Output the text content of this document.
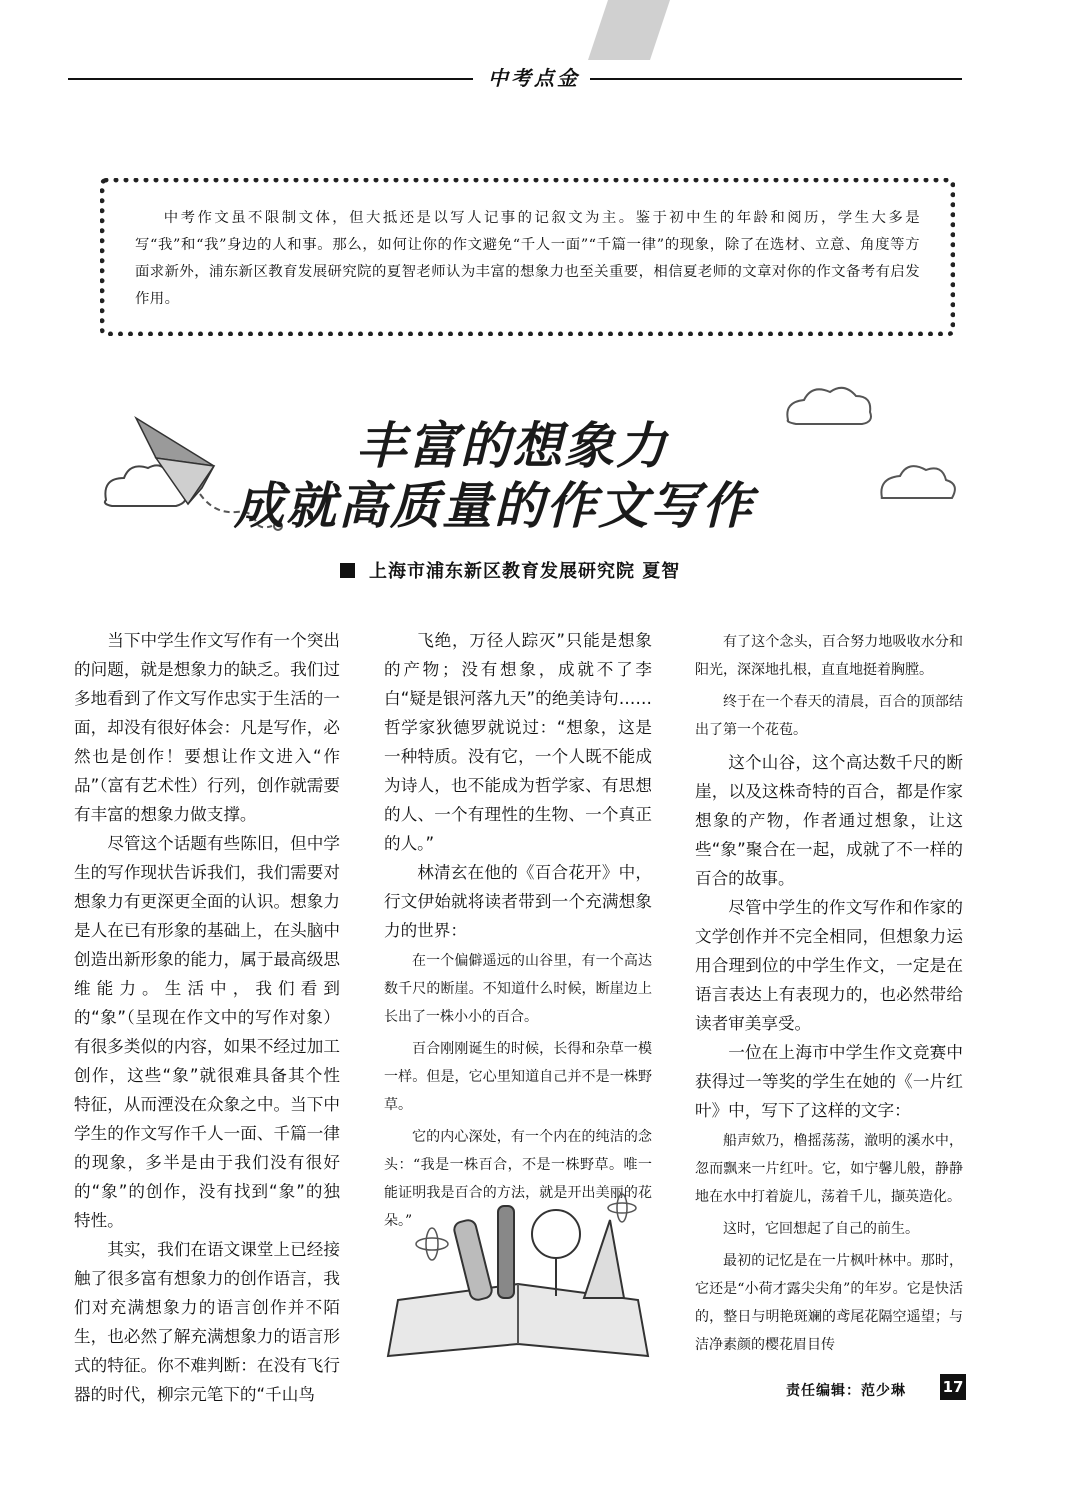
中考点金

中考作文虽不限制文体，但大抵还是以写人记事的记叙文为主。鉴于初中生的年龄和阅历，学生大多是写“我”和“我”身边的人和事。那么，如何让你的作文避免“千人一面”“千篇一律”的现象，除了在选材、立意、角度等方面求新外，浦东新区教育发展研究院的夏智老师认为丰富的想象力也至关重要，相信夏老师的文章对你的作文备考有启发作用。

丰富的想象力
成就高质量的作文写作
上海市浦东新区教育发展研究院 夏智

当下中学生作文写作有一个突出的问题，就是想象力的缺乏。我们过多地看到了作文写作忠实于生活的一面，却没有很好体会：凡是写作，必然也是创作！要想让作文进入“作品”（富有艺术性）行列，创作就需要有丰富的想象力做支撑。

尽管这个话题有些陈旧，但中学生的写作现状告诉我们，我们需要对想象力有更深更全面的认识。想象力是人在已有形象的基础上，在头脑中创造出新形象的能力，属于最高级思维能力。生活中，我们看到的“象”（呈现在作文中的写作对象）有很多类似的内容，如果不经过加工创作，这些“象”就很难具备其个性特征，从而湮没在众象之中。当下中学生的作文写作千人一面、千篇一律的现象，多半是由于我们没有很好的“象”的创作，没有找到“象”的独特性。

其实，我们在语文课堂上已经接触了很多富有想象力的创作语言，我们对充满想象力的语言创作并不陌生，也必然了解充满想象力的语言形式的特征。你不难判断：在没有飞行器的时代，柳宗元笔下的“千山鸟

飞绝，万径人踪灭”只能是想象的产物；没有想象，成就不了李白“疑是银河落九天”的绝美诗句……哲学家狄德罗就说过：“想象，这是一种特质。没有它，一个人既不能成为诗人，也不能成为哲学家、有思想的人、一个有理性的生物、一个真正的人。”

林清玄在他的《百合花开》中，行文伊始就将读者带到一个充满想象力的世界：

在一个偏僻遥远的山谷里，有一个高达数千尺的断崖。不知道什么时候，断崖边上长出了一株小小的百合。

百合刚刚诞生的时候，长得和杂草一模一样。但是，它心里知道自己并不是一株野草。

它的内心深处，有一个内在的纯洁的念头：“我是一株百合，不是一株野草。唯一能证明我是百合的方法，就是开出美丽的花朵。”

有了这个念头，百合努力地吸收水分和阳光，深深地扎根，直直地挺着胸膛。

终于在一个春天的清晨，百合的顶部结出了第一个花苞。

这个山谷，这个高达数千尺的断崖，以及这株奇特的百合，都是作家想象的产物，作者通过想象，让这些“象”聚合在一起，成就了不一样的百合的故事。

尽管中学生的作文写作和作家的文学创作并不完全相同，但想象力运用合理到位的中学生作文，一定是在语言表达上有表现力的，也必然带给读者审美享受。

一位在上海市中学生作文竞赛中获得过一等奖的学生在她的《一片红叶》中，写下了这样的文字：

船声欸乃，橹摇荡荡，澈明的溪水中，忽而飘来一片红叶。它，如宁馨儿般，静静地在水中打着旋儿，荡着千儿，撷英造化。

这时，它回想起了自己的前生。

最初的记忆是在一片枫叶林中。那时，它还是“小荷才露尖尖角”的年岁。它是快活的，整日与明艳斑斓的鸢尾花隔空遥望；与洁净素颜的樱花眉目传

责任编辑：范少琳 17
